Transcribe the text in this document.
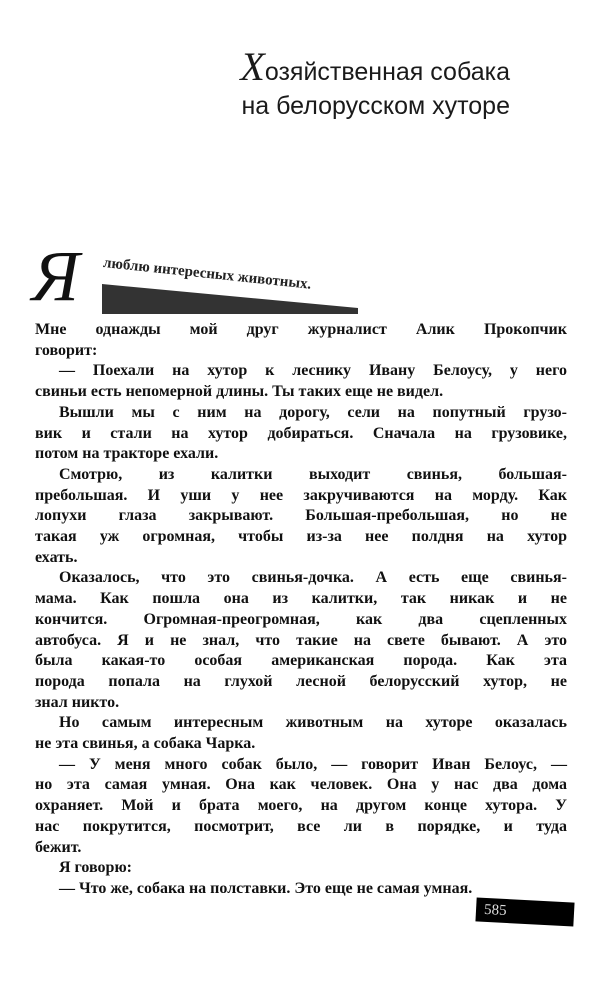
Хозяйственная собака
на белорусском хуторе
Я люблю интересных животных.
Мне однажды мой друг журналист Алик Прокопчик
говорит:
— Поехали на хутор к леснику Ивану Белоусу, у него
свиньи есть непомерной длины. Ты таких еще не видел.
Вышли мы с ним на дорогу, сели на попутный грузо-
вик и стали на хутор добираться. Сначала на грузовике,
потом на тракторе ехали.
Смотрю, из калитки выходит свинья, большая-
пребольшая. И уши у нее закручиваются на морду. Как
лопухи глаза закрывают. Большая-пребольшая, но не
такая уж огромная, чтобы из-за нее полдня на хутор
ехать.
Оказалось, что это свинья-дочка. А есть еще свинья-
мама. Как пошла она из калитки, так никак и не
кончится. Огромная-преогромная, как два сцепленных
автобуса. Я и не знал, что такие на свете бывают. А это
была какая-то особая американская порода. Как эта
порода попала на глухой лесной белорусский хутор, не
знал никто.
Но самым интересным животным на хуторе оказалась
не эта свинья, а собака Чарка.
— У меня много собак было, — говорит Иван Белоус, —
но эта самая умная. Она как человек. Она у нас два дома
охраняет. Мой и брата моего, на другом конце хутора. У
нас покрутится, посмотрит, все ли в порядке, и туда
бежит.
Я говорю:
— Что же, собака на полставки. Это еще не самая умная.
585
